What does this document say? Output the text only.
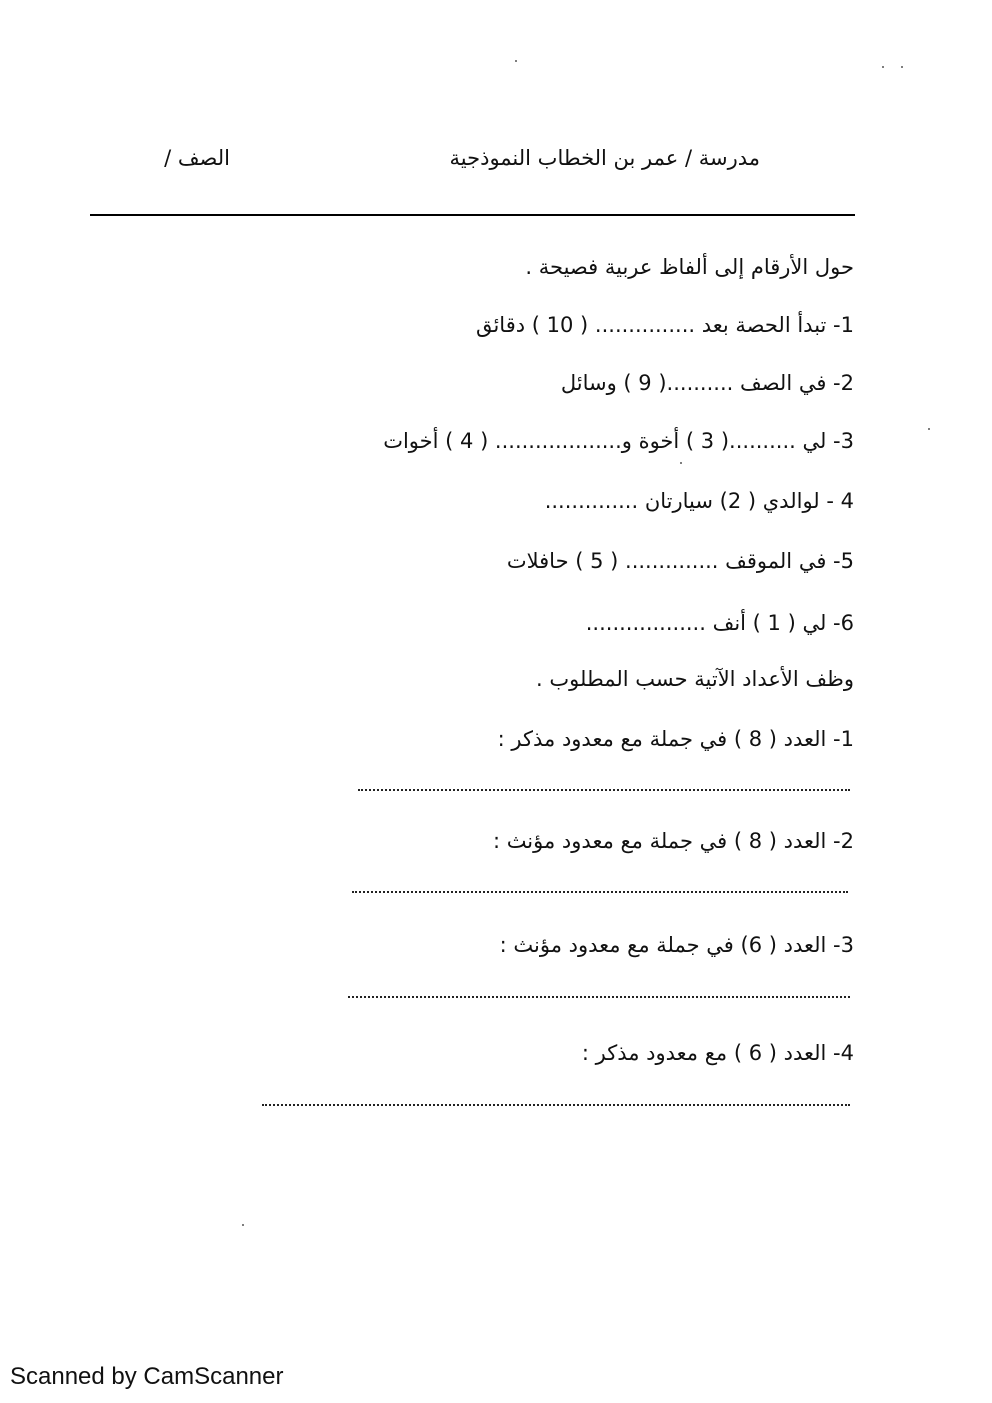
مدرسة / عمر بن الخطاب النموذجية
الصف /
حول الأرقام إلى ألفاظ عربية فصيحة .
1- تبدأ الحصة بعد ............... ( 10 ) دقائق
2- في الصف ..........( 9 ) وسائل
3- لي ..........( 3 ) أخوة و................... ( 4 ) أخوات
4 - لوالدي ( 2) سيارتان ..............
5- في الموقف .............. ( 5 ) حافلات
6- لي ( 1 ) أنف ..................
وظف الأعداد الآتية حسب المطلوب .
1- العدد ( 8 ) في جملة مع معدود مذكر :
2- العدد ( 8 ) في جملة مع معدود مؤنث :
3- العدد ( 6) في جملة مع معدود مؤنث :
4- العدد ( 6 ) مع معدود مذكر :
Scanned by CamScanner
